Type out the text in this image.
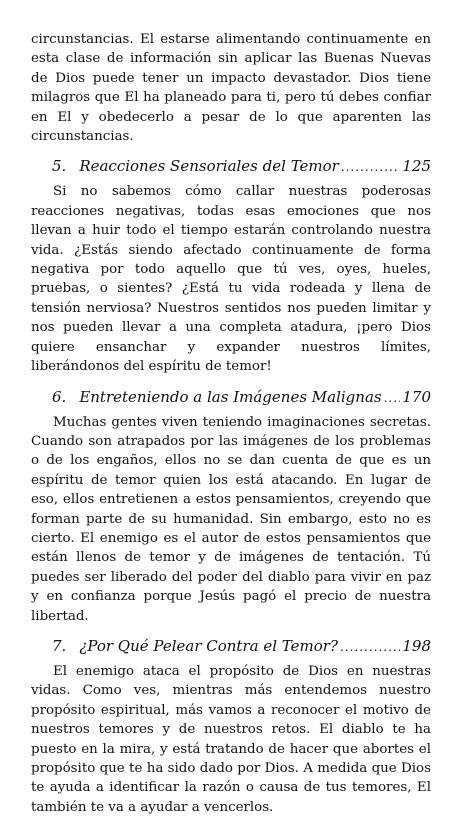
circunstancias. El estarse alimentando continuamente en esta clase de información sin aplicar las Buenas Nuevas de Dios puede tener un impacto devastador. Dios tiene milagros que El ha planeado para ti, pero tú debes confiar en El y obedecerlo a pesar de lo que aparenten las circunstancias.

5. Reacciones Sensoriales del Temor .....	125

Si no sabemos cómo callar nuestras poderosas reacciones negativas, todas esas emociones que nos llevan a huir todo el tiempo estarán controlando nuestra vida. ¿Estás siendo afectado continuamente de forma negativa por todo aquello que tú ves, oyes, hueles, pruebas, o sientes? ¿Está tu vida rodeada y llena de tensión nerviosa? Nuestros sentidos nos pueden limitar y nos pueden llevar a una completa atadura, ¡pero Dios quiere ensanchar y expander nuestros límites, liberándonos del espíritu de temor!

6. Entreteniendo a las Imágenes Malignas ..... 170

Muchas gentes viven teniendo imaginaciones secretas. Cuando son atrapados por las imágenes de los problemas o de los engaños, ellos no se dan cuenta de que es un espíritu de temor quien los está atacando. En lugar de eso, ellos entretienen a estos pensamientos, creyendo que forman parte de su humanidad. Sin embargo, esto no es cierto. El enemigo es el autor de estos pensamientos que están llenos de temor y de imágenes de tentación. Tú puedes ser liberado del poder del diablo para vivir en paz y en confianza porque Jesús pagó el precio de nuestra libertad.

7. ¿Por Qué Pelear Contra el Temor? .....	198

El enemigo ataca el propósito de Dios en nuestras vidas. Como ves, mientras más entendemos nuestro propósito espiritual, más vamos a reconocer el motivo de nuestros temores y de nuestros retos. El diablo te ha puesto en la mira, y está tratando de hacer que abortes el propósito que te ha sido dado por Dios. A medida que Dios te ayuda a identificar la razón o causa de tus temores, El también te va a ayudar a vencerlos.
